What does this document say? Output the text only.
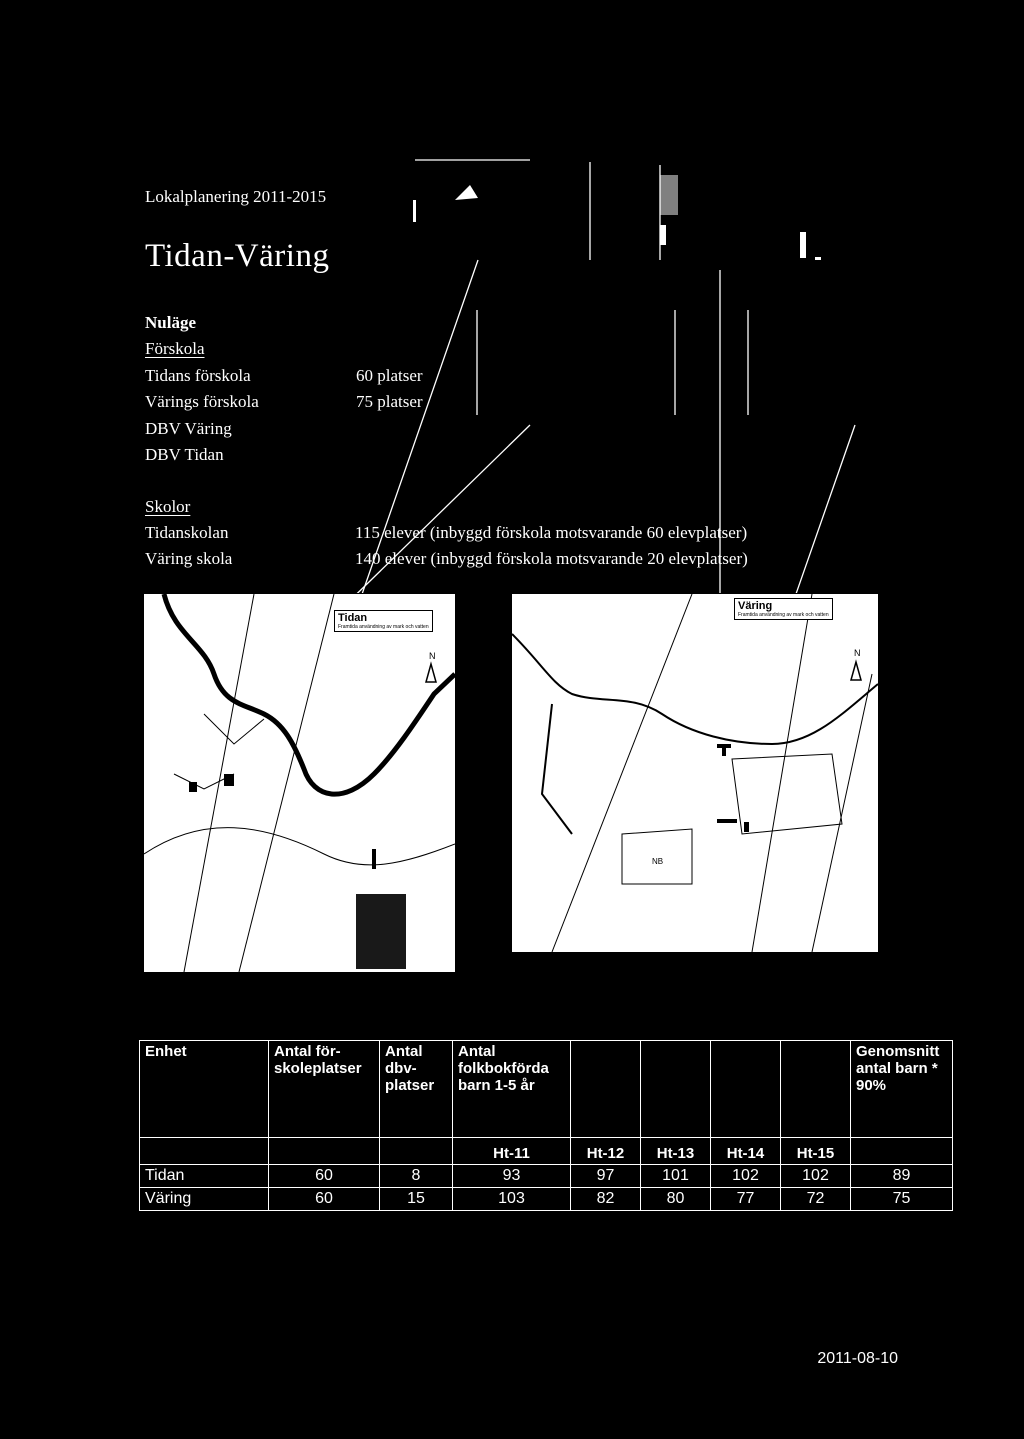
Lokalplanering 2011-2015
Tidan-Väring
Nuläge
Förskola
Tidans förskola	60 platser
Värings förskola	75 platser
DBV Väring
DBV Tidan
Skolor
Tidanskolan	115 elever (inbyggd förskola motsvarande 60 elevplatser)
Väring skola	140 elever (inbyggd förskola motsvarande 20 elevplatser)
N
Tidan
Framtida användning av mark och vatten
NB
N
Väring
Framtida användning av mark och vatten
Enhet	Antal för-skoleplatser	Antal dbv-platser	Antal folkbokförda barn 1-5 år					Genomsnitt antal barn * 90%
			Ht-11	Ht-12	Ht-13	Ht-14	Ht-15	
Tidan	60	8	93	97	101	102	102	89
Väring	60	15	103	82	80	77	72	75
2011-08-10
